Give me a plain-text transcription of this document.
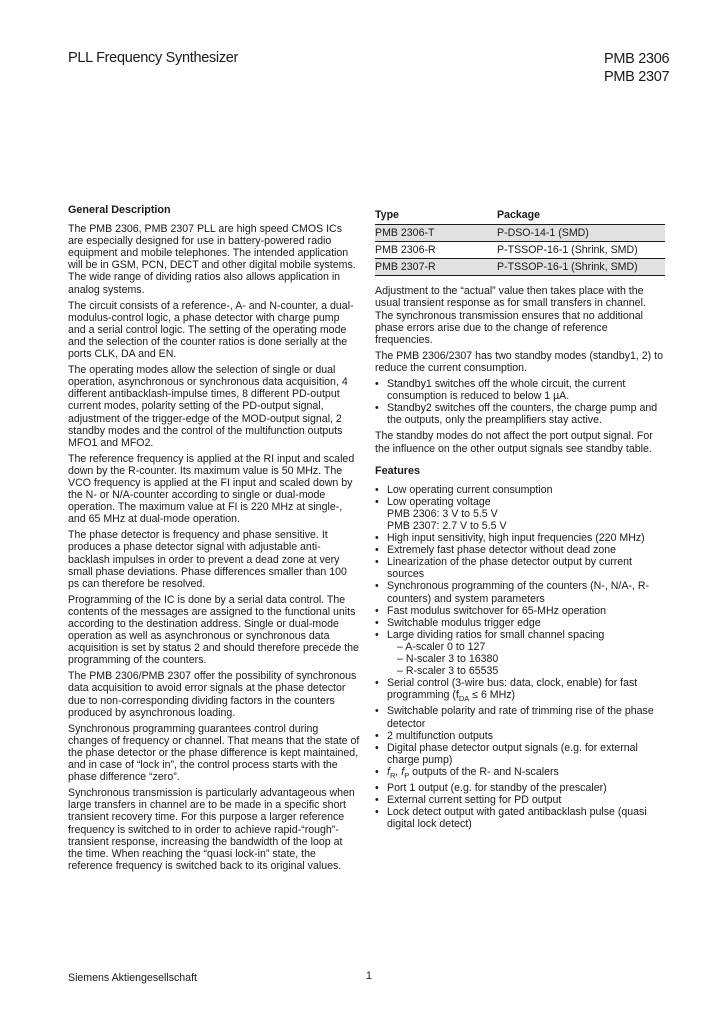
PLL Frequency Synthesizer	PMB 2306
PMB 2307
General Description

The PMB 2306, PMB 2307 PLL are high speed CMOS ICs are especially designed for use in battery-powered radio equipment and mobile telephones. The intended application will be in GSM, PCN, DECT and other digital mobile systems. The wide range of dividing ratios also allows application in analog systems.

The circuit consists of a reference-, A- and N-counter, a dual-modulus-control logic, a phase detector with charge pump and a serial control logic. The setting of the operating mode and the selection of the counter ratios is done serially at the ports CLK, DA and EN.

The operating modes allow the selection of single or dual operation, asynchronous or synchronous data acquisition, 4 different antibacklash-impulse times, 8 different PD-output current modes, polarity setting of the PD-output signal, adjustment of the trigger-edge of the MOD-output signal, 2 standby modes and the control of the multifunction outputs MFO1 and MFO2.

The reference frequency is applied at the RI input and scaled down by the R-counter. Its maximum value is 50 MHz. The VCO frequency is applied at the FI input and scaled down by the N- or N/A-counter according to single or dual-mode operation. The maximum value at FI is 220 MHz at single-, and 65 MHz at dual-mode operation.

The phase detector is frequency and phase sensitive. It produces a phase detector signal with adjustable anti-backlash impulses in order to prevent a dead zone at very small phase deviations. Phase differences smaller than 100 ps can therefore be resolved.

Programming of the IC is done by a serial data control. The contents of the messages are assigned to the functional units according to the destination address. Single or dual-mode operation as well as asynchronous or synchronous data acquisition is set by status 2 and should therefore precede the programming of the counters.

The PMB 2306/PMB 2307 offer the possibility of synchronous data acquisition to avoid error signals at the phase detector due to non-corresponding dividing factors in the counters produced by asynchronous loading.

Synchronous programming guarantees control during changes of frequency or channel. That means that the state of the phase detector or the phase difference is kept maintained, and in case of “lock in”, the control process starts with the phase difference “zero”.

Synchronous transmission is particularly advantageous when large transfers in channel are to be made in a specific short transient recovery time. For this purpose a larger reference frequency is switched to in order to achieve rapid-“rough”-transient response, increasing the bandwidth of the loop at the time. When reaching the “quasi lock-in” state, the reference frequency is switched back to its original values.

Type	Package
PMB 2306-T	P-DSO-14-1 (SMD)
PMB 2306-R	P-TSSOP-16-1 (Shrink, SMD)
PMB 2307-R	P-TSSOP-16-1 (Shrink, SMD)

Adjustment to the “actual” value then takes place with the usual transient response as for small transfers in channel. The synchronous transmission ensures that no additional phase errors arise due to the change of reference frequencies.

The PMB 2306/2307 has two standby modes (standby1, 2) to reduce the current consumption.

• Standby1 switches off the whole circuit, the current consumption is reduced to below 1 µA.
• Standby2 switches off the counters, the charge pump and the outputs, only the preamplifiers stay active.

The standby modes do not affect the port output signal. For the influence on the other output signals see standby table.

Features
• Low operating current consumption
• Low operating voltage
PMB 2306: 3 V to 5.5 V
PMB 2307: 2.7 V to 5.5 V
• High input sensitivity, high input frequencies (220 MHz)
• Extremely fast phase detector without dead zone
• Linearization of the phase detector output by current sources
• Synchronous programming of the counters (N-, N/A-, R-counters) and system parameters
• Fast modulus switchover for 65-MHz operation
• Switchable modulus trigger edge
• Large dividing ratios for small channel spacing
– A-scaler 0 to 127
– N-scaler 3 to 16380
– R-scaler 3 to 65535
• Serial control (3-wire bus: data, clock, enable) for fast programming ($f_{DA} \le 6$ MHz)
• Switchable polarity and rate of trimming rise of the phase detector
• 2 multifunction outputs
• Digital phase detector output signals (e.g. for external charge pump)
• $f_R$, $f_P$ outputs of the R- and N-scalers
• Port 1 output (e.g. for standby of the prescaler)
• External current setting for PD output
• Lock detect output with gated antibacklash pulse (quasi digital lock detect)
Siemens Aktiengesellschaft	1
